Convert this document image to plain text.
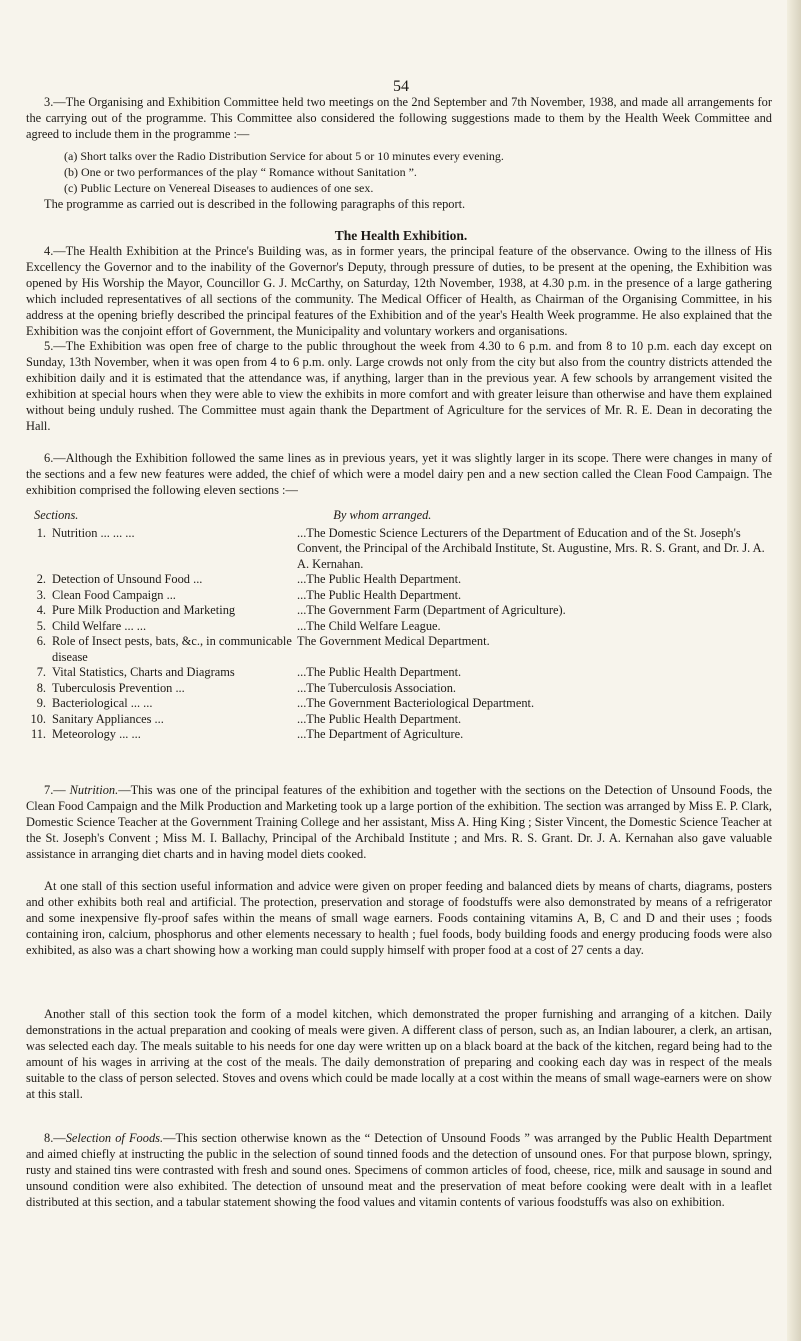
54

3.—The Organising and Exhibition Committee held two meetings on the 2nd September and 7th November, 1938, and made all arrangements for the carrying out of the programme. This Committee also considered the following suggestions made to them by the Health Week Committee and agreed to include them in the programme :—

(a) Short talks over the Radio Distribution Service for about 5 or 10 minutes every evening.
(b) One or two performances of the play “ Romance without Sanitation ”.
(c) Public Lecture on Venereal Diseases to audiences of one sex.

The programme as carried out is described in the following paragraphs of this report.

The Health Exhibition.

4.—The Health Exhibition at the Prince's Building was, as in former years, the principal feature of the observance. Owing to the illness of His Excellency the Governor and to the inability of the Governor's Deputy, through pressure of duties, to be present at the opening, the Exhibition was opened by His Worship the Mayor, Councillor G. J. McCarthy, on Saturday, 12th November, 1938, at 4.30 p.m. in the presence of a large gathering which included representatives of all sections of the community. The Medical Officer of Health, as Chairman of the Organising Committee, in his address at the opening briefly described the principal features of the Exhibition and of the year's Health Week programme. He also explained that the Exhibition was the conjoint effort of Government, the Municipality and voluntary workers and organisations.

5.—The Exhibition was open free of charge to the public throughout the week from 4.30 to 6 p.m. and from 8 to 10 p.m. each day except on Sunday, 13th November, when it was open from 4 to 6 p.m. only. Large crowds not only from the city but also from the country districts attended the exhibition daily and it is estimated that the attendance was, if anything, larger than in the previous year. A few schools by arrangement visited the exhibition at special hours when they were able to view the exhibits in more comfort and with greater leisure than otherwise and have them explained without being unduly rushed. The Committee must again thank the Department of Agriculture for the services of Mr. R. E. Dean in decorating the Hall.

6.—Although the Exhibition followed the same lines as in previous years, yet it was slightly larger in its scope. There were changes in many of the sections and a few new features were added, the chief of which were a model dairy pen and a new section called the Clean Food Campaign. The exhibition comprised the following eleven sections :—

Sections.	By whom arranged.
1. Nutrition ... ... ...	...The Domestic Science Lecturers of the Department of Education and of the St. Joseph's Convent, the Principal of the Archibald Institute, St. Augustine, Mrs. R. S. Grant, and Dr. J. A. A. Kernahan.
2. Detection of Unsound Food ...	...The Public Health Department.
3. Clean Food Campaign ...	...The Public Health Department.
4. Pure Milk Production and Marketing	...The Government Farm (Department of Agriculture).
5. Child Welfare ... ...	...The Child Welfare League.
6. Role of Insect pests, bats, &c., in communicable disease
The Government Medical Department.
7. Vital Statistics, Charts and Diagrams	...The Public Health Department.
8. Tuberculosis Prevention ...	...The Tuberculosis Association.
9. Bacteriological ... ...	...The Government Bacteriological Department.
10. Sanitary Appliances ...	...The Public Health Department.
11. Meteorology ... ...	...The Department of Agriculture.

7.— Nutrition.—This was one of the principal features of the exhibition and together with the sections on the Detection of Unsound Foods, the Clean Food Campaign and the Milk Production and Marketing took up a large portion of the exhibition. The section was arranged by Miss E. P. Clark, Domestic Science Teacher at the Government Training College and her assistant, Miss A. Hing King ; Sister Vincent, the Domestic Science Teacher at the St. Joseph's Convent ; Miss M. I. Ballachy, Principal of the Archibald Institute ; and Mrs. R. S. Grant. Dr. J. A. Kernahan also gave valuable assistance in arranging diet charts and in having model diets cooked.

At one stall of this section useful information and advice were given on proper feeding and balanced diets by means of charts, diagrams, posters and other exhibits both real and artificial. The protection, preservation and storage of foodstuffs were also demonstrated by means of a refrigerator and some inexpensive fly-proof safes within the means of small wage earners. Foods containing vitamins A, B, C and D and their uses ; foods containing iron, calcium, phosphorus and other elements necessary to health ; fuel foods, body building foods and energy producing foods were also exhibited, as also was a chart showing how a working man could supply himself with proper food at a cost of 27 cents a day.

Another stall of this section took the form of a model kitchen, which demonstrated the proper furnishing and arranging of a kitchen. Daily demonstrations in the actual preparation and cooking of meals were given. A different class of person, such as, an Indian labourer, a clerk, an artisan, was selected each day. The meals suitable to his needs for one day were written up on a black board at the back of the kitchen, regard being had to the amount of his wages in arriving at the cost of the meals. The daily demonstration of preparing and cooking each day was in respect of the meals suitable to the class of person selected. Stoves and ovens which could be made locally at a cost within the means of small wage-earners were on show at this stall.

8.—Selection of Foods.—This section otherwise known as the “ Detection of Unsound Foods ” was arranged by the Public Health Department and aimed chiefly at instructing the public in the selection of sound tinned foods and the detection of unsound ones. For that purpose blown, springy, rusty and stained tins were contrasted with fresh and sound ones. Specimens of common articles of food, cheese, rice, milk and sausage in sound and unsound condition were also exhibited. The detection of unsound meat and the preservation of meat before cooking were dealt with in a leaflet distributed at this section, and a tabular statement showing the food values and vitamin contents of various foodstuffs was also on exhibition.
